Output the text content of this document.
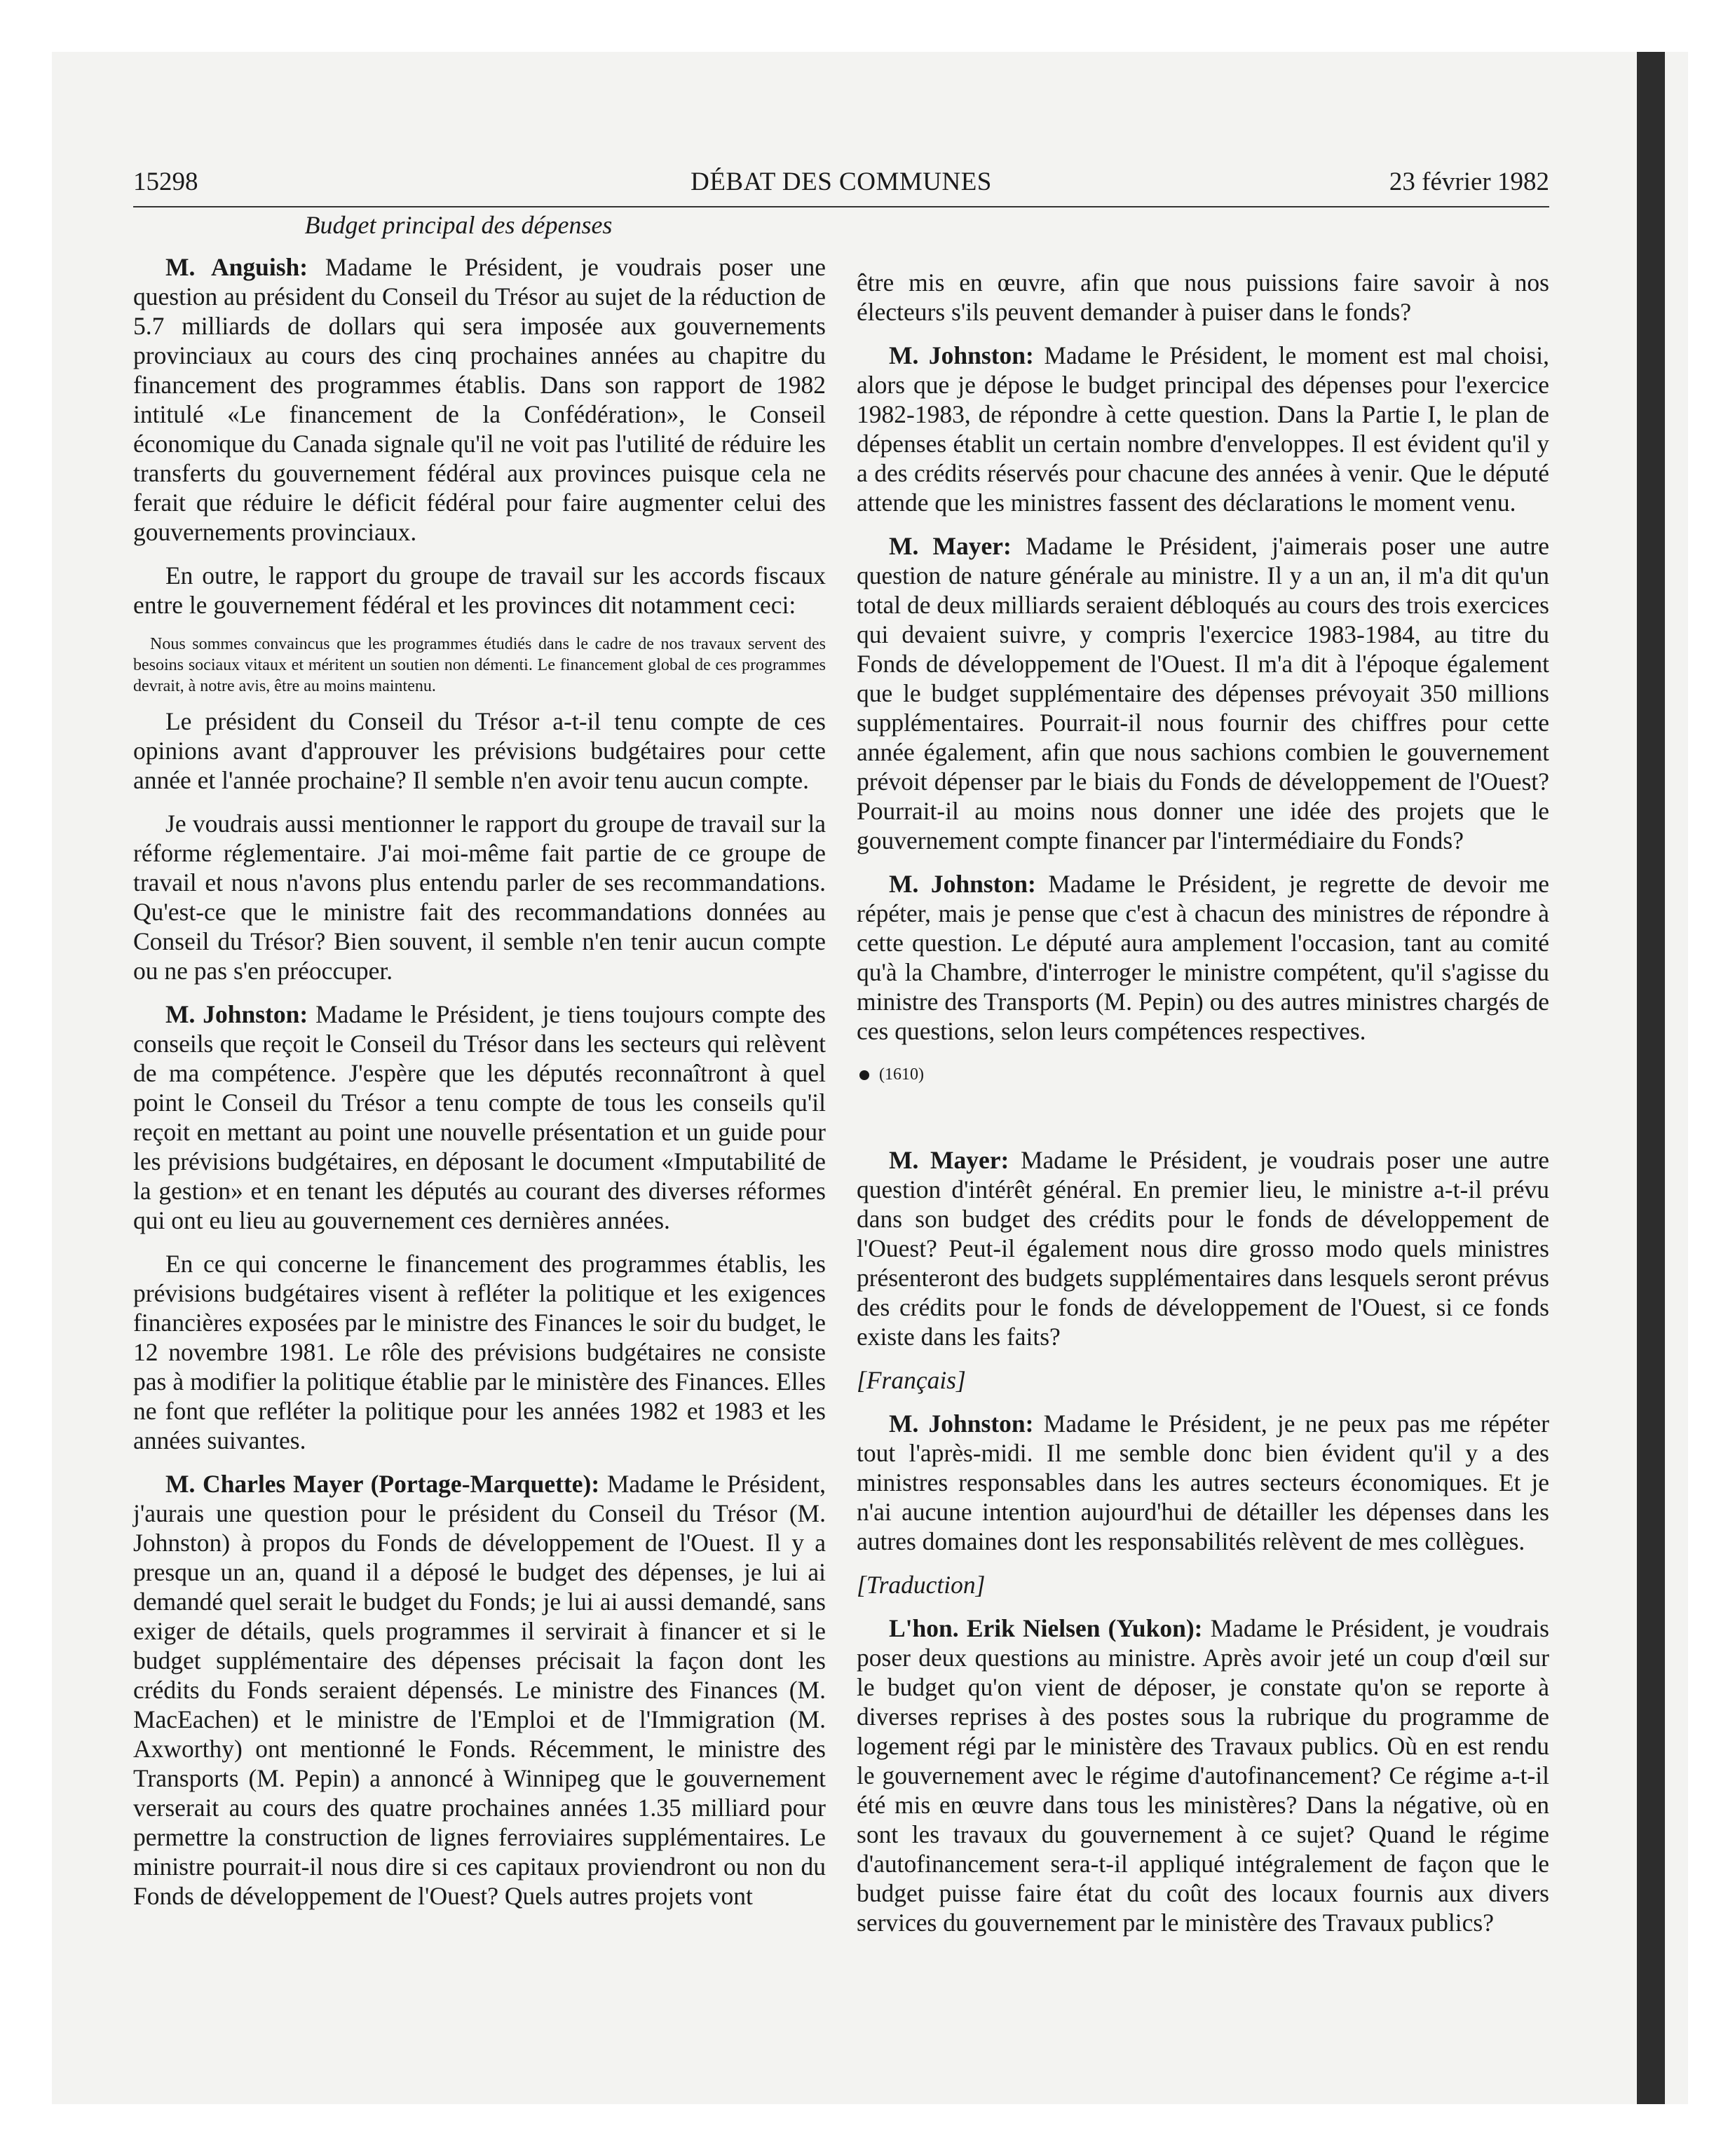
15298	DÉBAT DES COMMUNES	23 février 1982
Budget principal des dépenses

M. Anguish: Madame le Président, je voudrais poser une question au président du Conseil du Trésor au sujet de la réduction de 5.7 milliards de dollars qui sera imposée aux gouvernements provinciaux au cours des cinq prochaines années au chapitre du financement des programmes établis. Dans son rapport de 1982 intitulé «Le financement de la Confédération», le Conseil économique du Canada signale qu'il ne voit pas l'utilité de réduire les transferts du gouvernement fédéral aux provinces puisque cela ne ferait que réduire le déficit fédéral pour faire augmenter celui des gouvernements provinciaux.

En outre, le rapport du groupe de travail sur les accords fiscaux entre le gouvernement fédéral et les provinces dit notamment ceci:

Nous sommes convaincus que les programmes étudiés dans le cadre de nos travaux servent des besoins sociaux vitaux et méritent un soutien non démenti. Le financement global de ces programmes devrait, à notre avis, être au moins maintenu.

Le président du Conseil du Trésor a-t-il tenu compte de ces opinions avant d'approuver les prévisions budgétaires pour cette année et l'année prochaine? Il semble n'en avoir tenu aucun compte.

Je voudrais aussi mentionner le rapport du groupe de travail sur la réforme réglementaire. J'ai moi-même fait partie de ce groupe de travail et nous n'avons plus entendu parler de ses recommandations. Qu'est-ce que le ministre fait des recommandations données au Conseil du Trésor? Bien souvent, il semble n'en tenir aucun compte ou ne pas s'en préoccuper.

M. Johnston: Madame le Président, je tiens toujours compte des conseils que reçoit le Conseil du Trésor dans les secteurs qui relèvent de ma compétence. J'espère que les députés reconnaîtront à quel point le Conseil du Trésor a tenu compte de tous les conseils qu'il reçoit en mettant au point une nouvelle présentation et un guide pour les prévisions budgétaires, en déposant le document «Imputabilité de la gestion» et en tenant les députés au courant des diverses réformes qui ont eu lieu au gouvernement ces dernières années.

En ce qui concerne le financement des programmes établis, les prévisions budgétaires visent à refléter la politique et les exigences financières exposées par le ministre des Finances le soir du budget, le 12 novembre 1981. Le rôle des prévisions budgétaires ne consiste pas à modifier la politique établie par le ministère des Finances. Elles ne font que refléter la politique pour les années 1982 et 1983 et les années suivantes.

M. Charles Mayer (Portage-Marquette): Madame le Président, j'aurais une question pour le président du Conseil du Trésor (M. Johnston) à propos du Fonds de développement de l'Ouest. Il y a presque un an, quand il a déposé le budget des dépenses, je lui ai demandé quel serait le budget du Fonds; je lui ai aussi demandé, sans exiger de détails, quels programmes il servirait à financer et si le budget supplémentaire des dépenses précisait la façon dont les crédits du Fonds seraient dépensés. Le ministre des Finances (M. MacEachen) et le ministre de l'Emploi et de l'Immigration (M. Axworthy) ont mentionné le Fonds. Récemment, le ministre des Transports (M. Pepin) a annoncé à Winnipeg que le gouvernement verserait au cours des quatre prochaines années 1.35 milliard pour permettre la construction de lignes ferroviaires supplémentaires. Le ministre pourrait-il nous dire si ces capitaux proviendront ou non du Fonds de développement de l'Ouest? Quels autres projets vont

être mis en œuvre, afin que nous puissions faire savoir à nos électeurs s'ils peuvent demander à puiser dans le fonds?

M. Johnston: Madame le Président, le moment est mal choisi, alors que je dépose le budget principal des dépenses pour l'exercice 1982-1983, de répondre à cette question. Dans la Partie I, le plan de dépenses établit un certain nombre d'enveloppes. Il est évident qu'il y a des crédits réservés pour chacune des années à venir. Que le député attende que les ministres fassent des déclarations le moment venu.

M. Mayer: Madame le Président, j'aimerais poser une autre question de nature générale au ministre. Il y a un an, il m'a dit qu'un total de deux milliards seraient débloqués au cours des trois exercices qui devaient suivre, y compris l'exercice 1983-1984, au titre du Fonds de développement de l'Ouest. Il m'a dit à l'époque également que le budget supplémentaire des dépenses prévoyait 350 millions supplémentaires. Pourrait-il nous fournir des chiffres pour cette année également, afin que nous sachions combien le gouvernement prévoit dépenser par le biais du Fonds de développement de l'Ouest? Pourrait-il au moins nous donner une idée des projets que le gouvernement compte financer par l'intermédiaire du Fonds?

M. Johnston: Madame le Président, je regrette de devoir me répéter, mais je pense que c'est à chacun des ministres de répondre à cette question. Le député aura amplement l'occasion, tant au comité qu'à la Chambre, d'interroger le ministre compétent, qu'il s'agisse du ministre des Transports (M. Pepin) ou des autres ministres chargés de ces questions, selon leurs compétences respectives.

(1610)

M. Mayer: Madame le Président, je voudrais poser une autre question d'intérêt général. En premier lieu, le ministre a-t-il prévu dans son budget des crédits pour le fonds de développement de l'Ouest? Peut-il également nous dire grosso modo quels ministres présenteront des budgets supplémentaires dans lesquels seront prévus des crédits pour le fonds de développement de l'Ouest, si ce fonds existe dans les faits?

[Français]

M. Johnston: Madame le Président, je ne peux pas me répéter tout l'après-midi. Il me semble donc bien évident qu'il y a des ministres responsables dans les autres secteurs économiques. Et je n'ai aucune intention aujourd'hui de détailler les dépenses dans les autres domaines dont les responsabilités relèvent de mes collègues.

[Traduction]

L'hon. Erik Nielsen (Yukon): Madame le Président, je voudrais poser deux questions au ministre. Après avoir jeté un coup d'œil sur le budget qu'on vient de déposer, je constate qu'on se reporte à diverses reprises à des postes sous la rubrique du programme de logement régi par le ministère des Travaux publics. Où en est rendu le gouvernement avec le régime d'autofinancement? Ce régime a-t-il été mis en œuvre dans tous les ministères? Dans la négative, où en sont les travaux du gouvernement à ce sujet? Quand le régime d'autofinancement sera-t-il appliqué intégralement de façon que le budget puisse faire état du coût des locaux fournis aux divers services du gouvernement par le ministère des Travaux publics?
